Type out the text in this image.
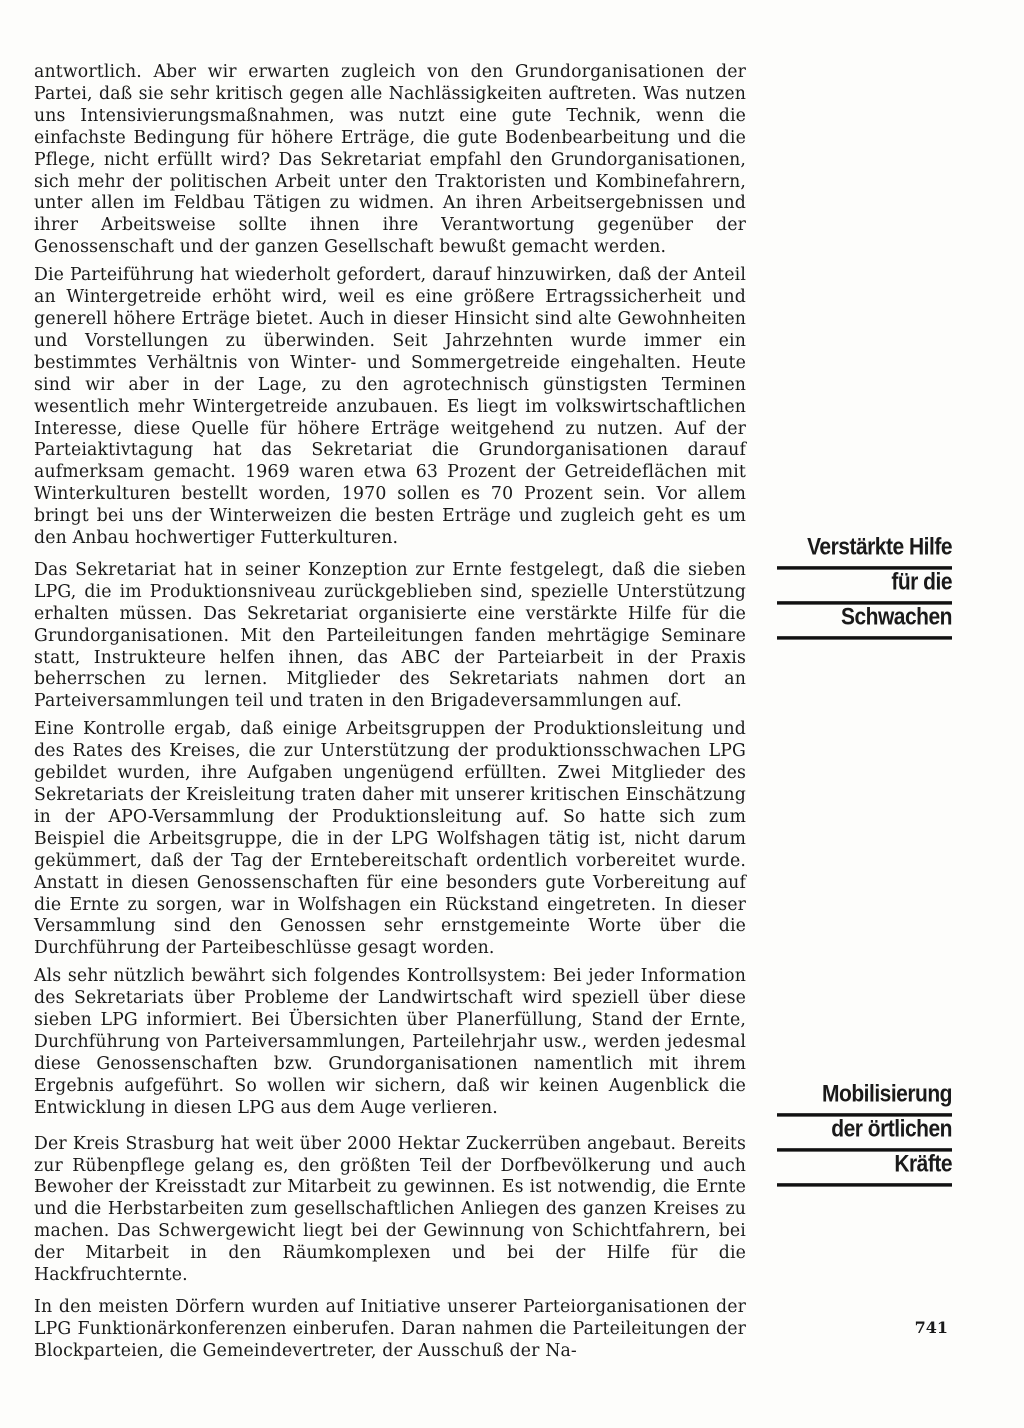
antwortlich. Aber wir erwarten zugleich von den Grundorganisationen der Partei, daß sie sehr kritisch gegen alle Nachlässigkeiten auftreten. Was nutzen uns Intensivierungsmaßnahmen, was nutzt eine gute Technik, wenn die einfachste Bedingung für höhere Erträge, die gute Bodenbearbeitung und die Pflege, nicht erfüllt wird? Das Sekretariat empfahl den Grundorganisationen, sich mehr der politischen Arbeit unter den Traktoristen und Kombinefahrern, unter allen im Feldbau Tätigen zu widmen. An ihren Arbeitsergebnissen und ihrer Arbeitsweise sollte ihnen ihre Verantwortung gegenüber der Genossenschaft und der ganzen Gesellschaft bewußt gemacht werden.

Die Parteiführung hat wiederholt gefordert, darauf hinzuwirken, daß der Anteil an Wintergetreide erhöht wird, weil es eine größere Ertragssicherheit und generell höhere Erträge bietet. Auch in dieser Hinsicht sind alte Gewohnheiten und Vorstellungen zu überwinden. Seit Jahrzehnten wurde immer ein bestimmtes Verhältnis von Winter- und Sommergetreide eingehalten. Heute sind wir aber in der Lage, zu den agrotechnisch günstigsten Terminen wesentlich mehr Wintergetreide anzubauen. Es liegt im volkswirtschaftlichen Interesse, diese Quelle für höhere Erträge weitgehend zu nutzen. Auf der Parteiaktivtagung hat das Sekretariat die Grundorganisationen darauf aufmerksam gemacht. 1969 waren etwa 63 Prozent der Getreideflächen mit Winterkulturen bestellt worden, 1970 sollen es 70 Prozent sein. Vor allem bringt bei uns der Winterweizen die besten Erträge und zugleich geht es um den Anbau hochwertiger Futterkulturen.

Das Sekretariat hat in seiner Konzeption zur Ernte festgelegt, daß die sieben LPG, die im Produktionsniveau zurückgeblieben sind, spezielle Unterstützung erhalten müssen. Das Sekretariat organisierte eine verstärkte Hilfe für die Grundorganisationen. Mit den Parteileitungen fanden mehrtägige Seminare statt, Instrukteure helfen ihnen, das ABC der Parteiarbeit in der Praxis beherrschen zu lernen. Mitglieder des Sekretariats nahmen dort an Parteiversammlungen teil und traten in den Brigadeversammlungen auf.

Eine Kontrolle ergab, daß einige Arbeitsgruppen der Produktionsleitung und des Rates des Kreises, die zur Unterstützung der produktionsschwachen LPG gebildet wurden, ihre Aufgaben ungenügend erfüllten. Zwei Mitglieder des Sekretariats der Kreisleitung traten daher mit unserer kritischen Einschätzung in der APO-Versammlung der Produktionsleitung auf. So hatte sich zum Beispiel die Arbeitsgruppe, die in der LPG Wolfshagen tätig ist, nicht darum gekümmert, daß der Tag der Erntebereitschaft ordentlich vorbereitet wurde. Anstatt in diesen Genossenschaften für eine besonders gute Vorbereitung auf die Ernte zu sorgen, war in Wolfshagen ein Rückstand eingetreten. In dieser Versammlung sind den Genossen sehr ernstgemeinte Worte über die Durchführung der Parteibeschlüsse gesagt worden.

Als sehr nützlich bewährt sich folgendes Kontrollsystem: Bei jeder Information des Sekretariats über Probleme der Landwirtschaft wird speziell über diese sieben LPG informiert. Bei Übersichten über Planerfüllung, Stand der Ernte, Durchführung von Parteiversammlungen, Parteilehrjahr usw., werden jedesmal diese Genossenschaften bzw. Grundorganisationen namentlich mit ihrem Ergebnis aufgeführt. So wollen wir sichern, daß wir keinen Augenblick die Entwicklung in diesen LPG aus dem Auge verlieren.

Der Kreis Strasburg hat weit über 2000 Hektar Zuckerrüben angebaut. Bereits zur Rübenpflege gelang es, den größten Teil der Dorfbevölkerung und auch Bewoher der Kreisstadt zur Mitarbeit zu gewinnen. Es ist notwendig, die Ernte und die Herbstarbeiten zum gesellschaftlichen Anliegen des ganzen Kreises zu machen. Das Schwergewicht liegt bei der Gewinnung von Schichtfahrern, bei der Mitarbeit in den Räumkomplexen und bei der Hilfe für die Hackfruchternte.

In den meisten Dörfern wurden auf Initiative unserer Parteiorganisationen der LPG Funktionärkonferenzen einberufen. Daran nahmen die Parteileitungen der Blockparteien, die Gemeindevertreter, der Ausschuß der Na-

Verstärkte Hilfe
für die
Schwachen
Mobilisierung
der örtlichen
Kräfte
741
